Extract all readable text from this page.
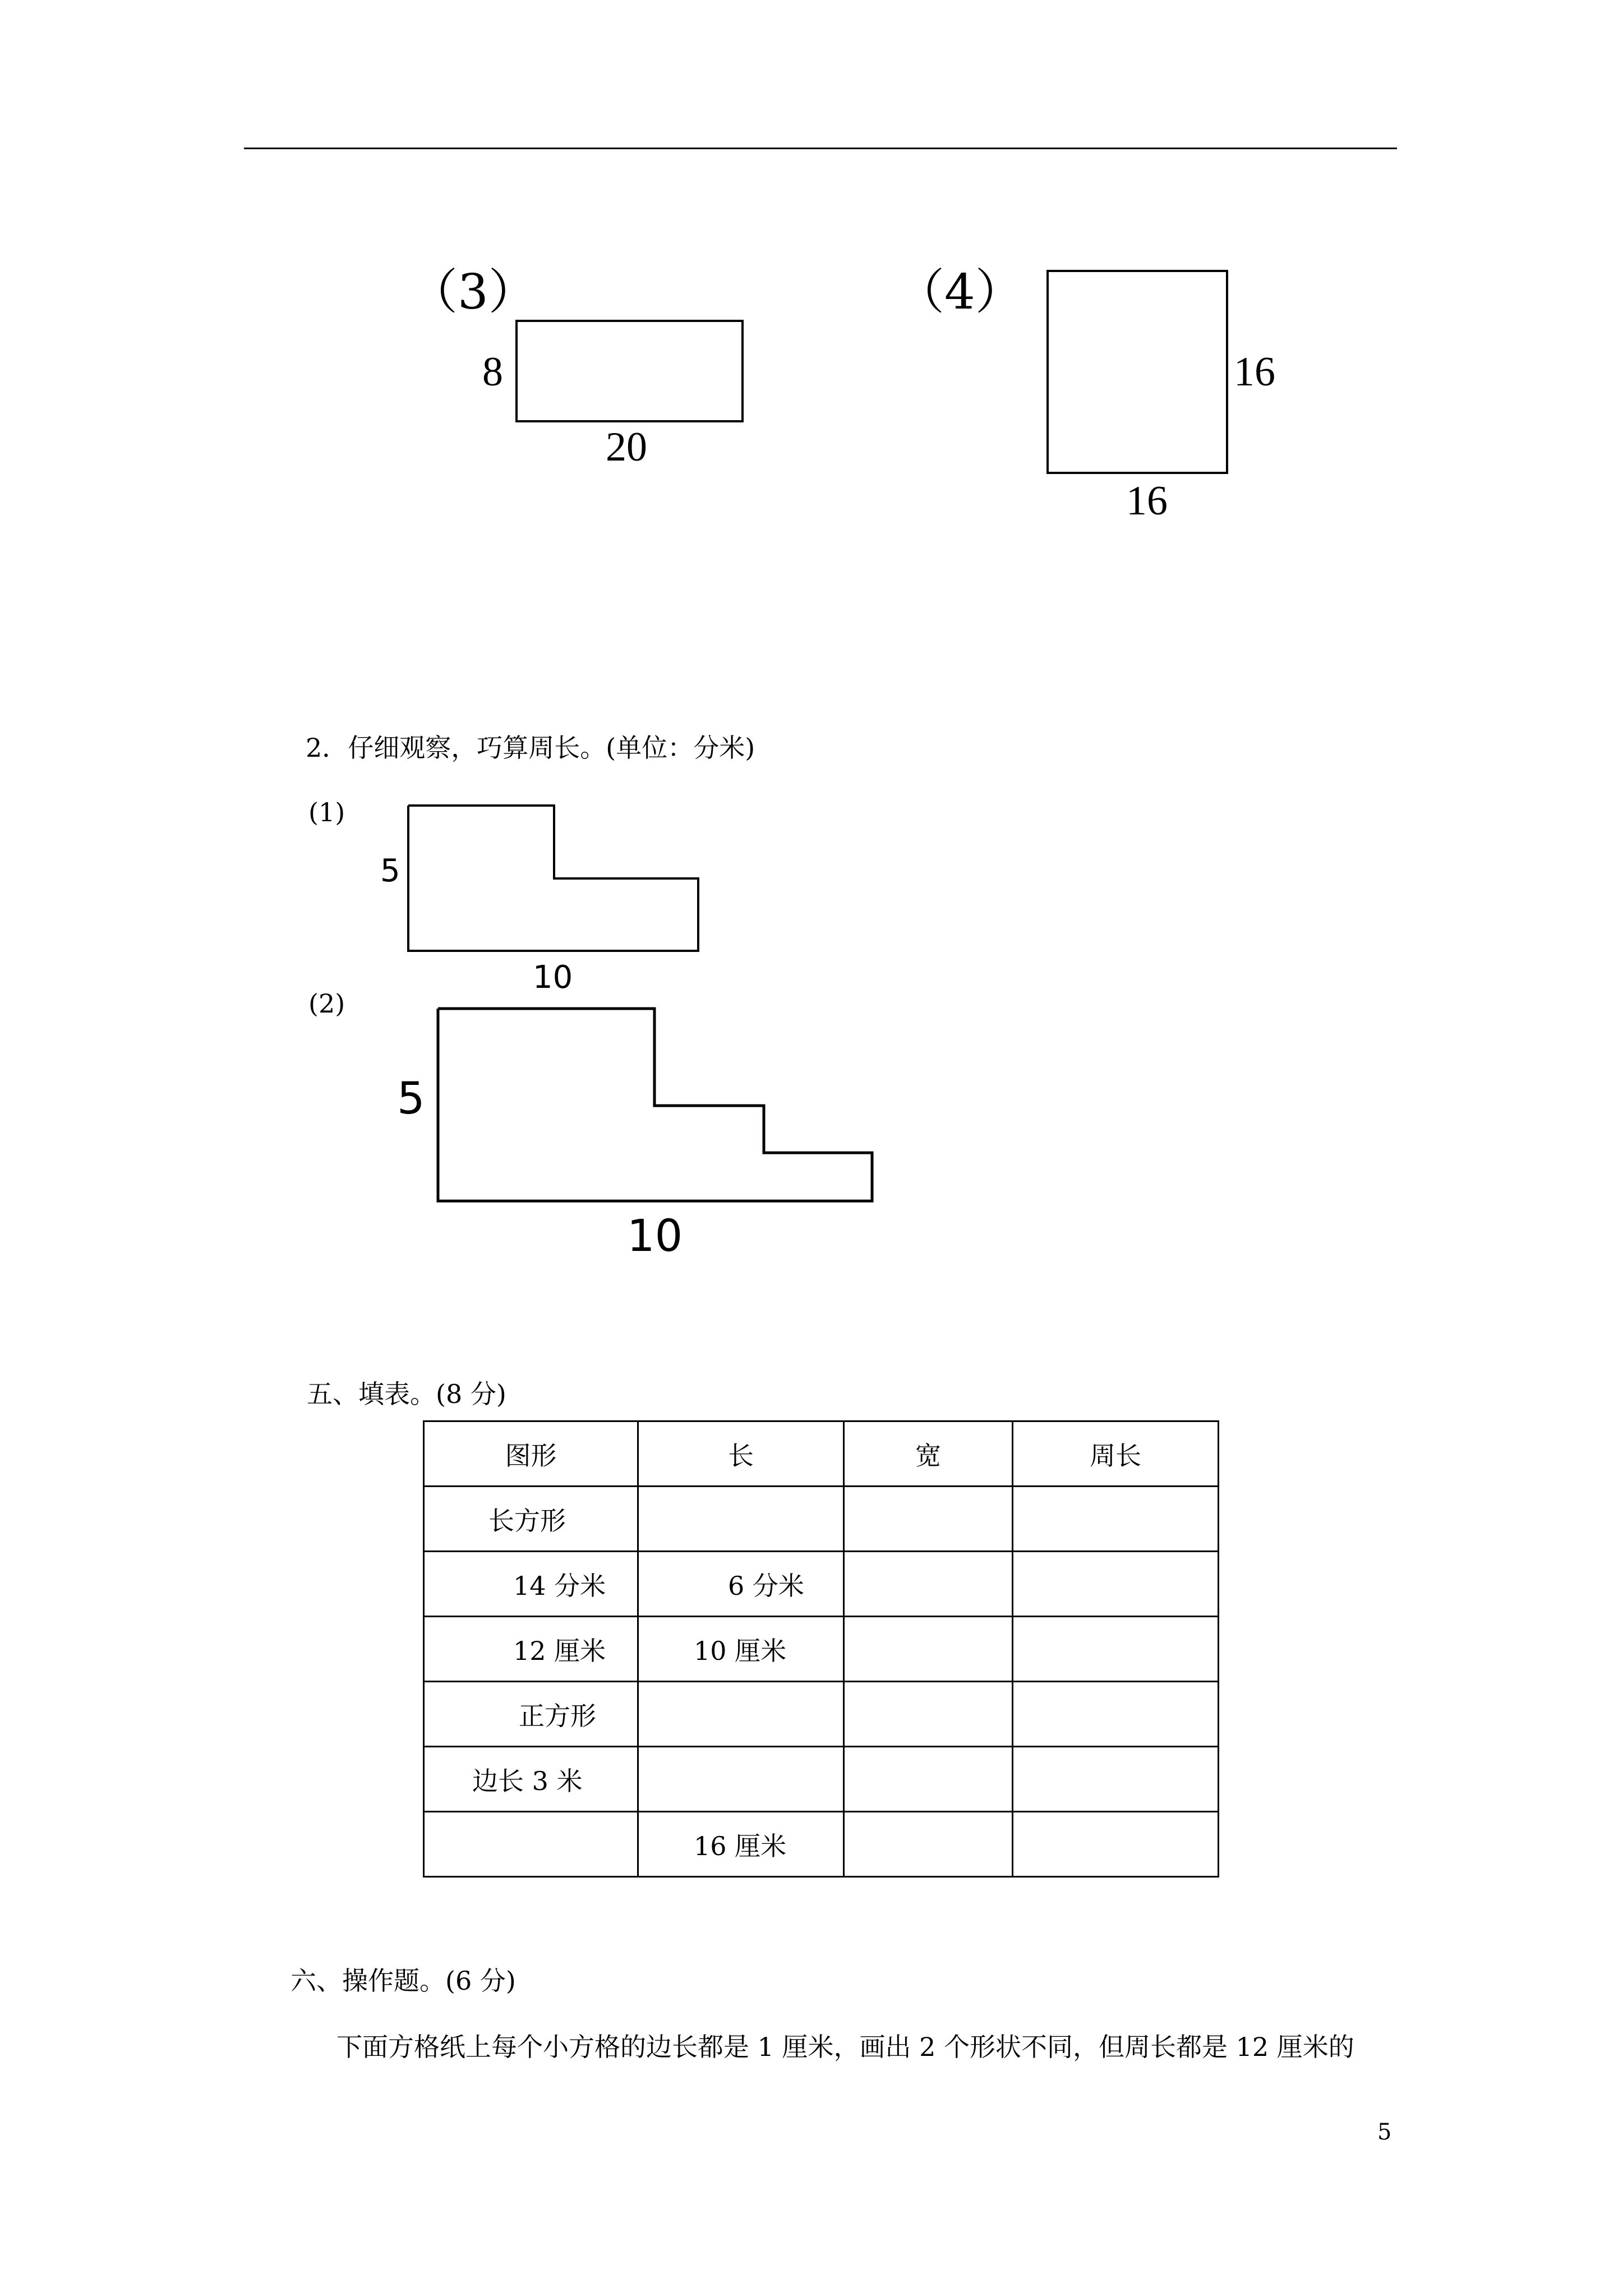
（3）
8
20
（4）
16
16
2．仔细观察，巧算周长。(单位：分米)
(1)
5
10
(2)
5
10
五、填表。(8 分)
图形	长	宽	周长
长方形			
14 分米	6 分米		
12 厘米	10 厘米		
正方形			
边长 3 米			
	16 厘米		
六、操作题。(6 分)
下面方格纸上每个小方格的边长都是 1 厘米，画出 2 个形状不同，但周长都是 12 厘米的
5
